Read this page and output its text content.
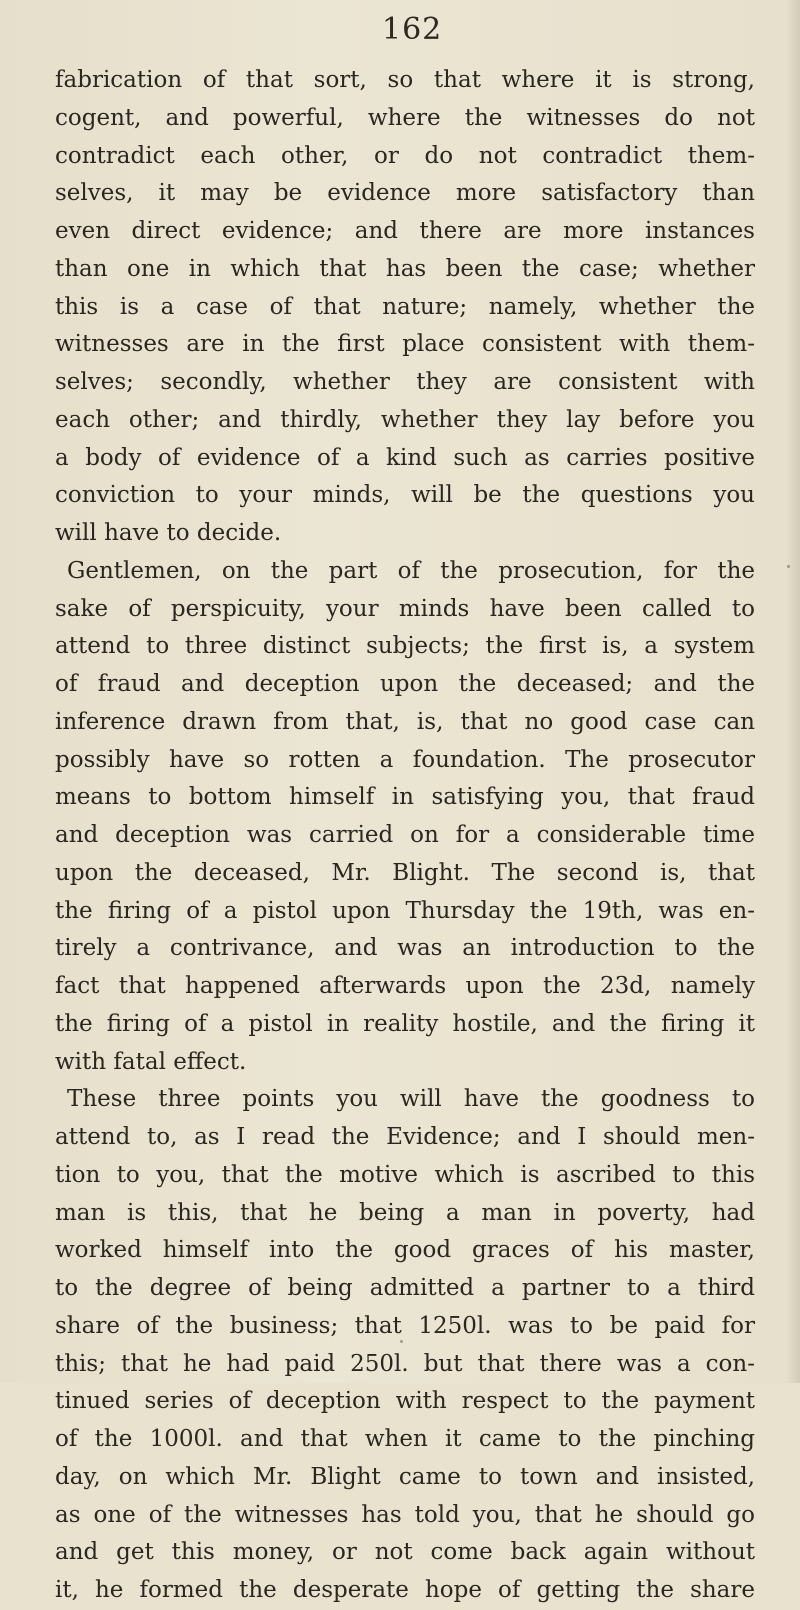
162
fabrication of that sort, so that where it is strong,
cogent, and powerful, where the witnesses do not
contradict each other, or do not contradict them-
selves, it may be evidence more satisfactory than
even direct evidence; and there are more instances
than one in which that has been the case; whether
this is a case of that nature; namely, whether the
witnesses are in the first place consistent with them-
selves; secondly, whether they are consistent with
each other; and thirdly, whether they lay before you
a body of evidence of a kind such as carries positive
conviction to your minds, will be the questions you
will have to decide.
Gentlemen, on the part of the prosecution, for the
sake of perspicuity, your minds have been called to
attend to three distinct subjects; the first is, a system
of fraud and deception upon the deceased; and the
inference drawn from that, is, that no good case can
possibly have so rotten a foundation. The prosecutor
means to bottom himself in satisfying you, that fraud
and deception was carried on for a considerable time
upon the deceased, Mr. Blight. The second is, that
the firing of a pistol upon Thursday the 19th, was en-
tirely a contrivance, and was an introduction to the
fact that happened afterwards upon the 23d, namely
the firing of a pistol in reality hostile, and the firing it
with fatal effect.
These three points you will have the goodness to
attend to, as I read the Evidence; and I should men-
tion to you, that the motive which is ascribed to this
man is this, that he being a man in poverty, had
worked himself into the good graces of his master,
to the degree of being admitted a partner to a third
share of the business; that 1250l. was to be paid for
this; that he had paid 250l. but that there was a con-
tinued series of deception with respect to the payment
of the 1000l. and that when it came to the pinching
day, on which Mr. Blight came to town and insisted,
as one of the witnesses has told you, that he should go
and get this money, or not come back again without
it, he formed the desperate hope of getting the share
